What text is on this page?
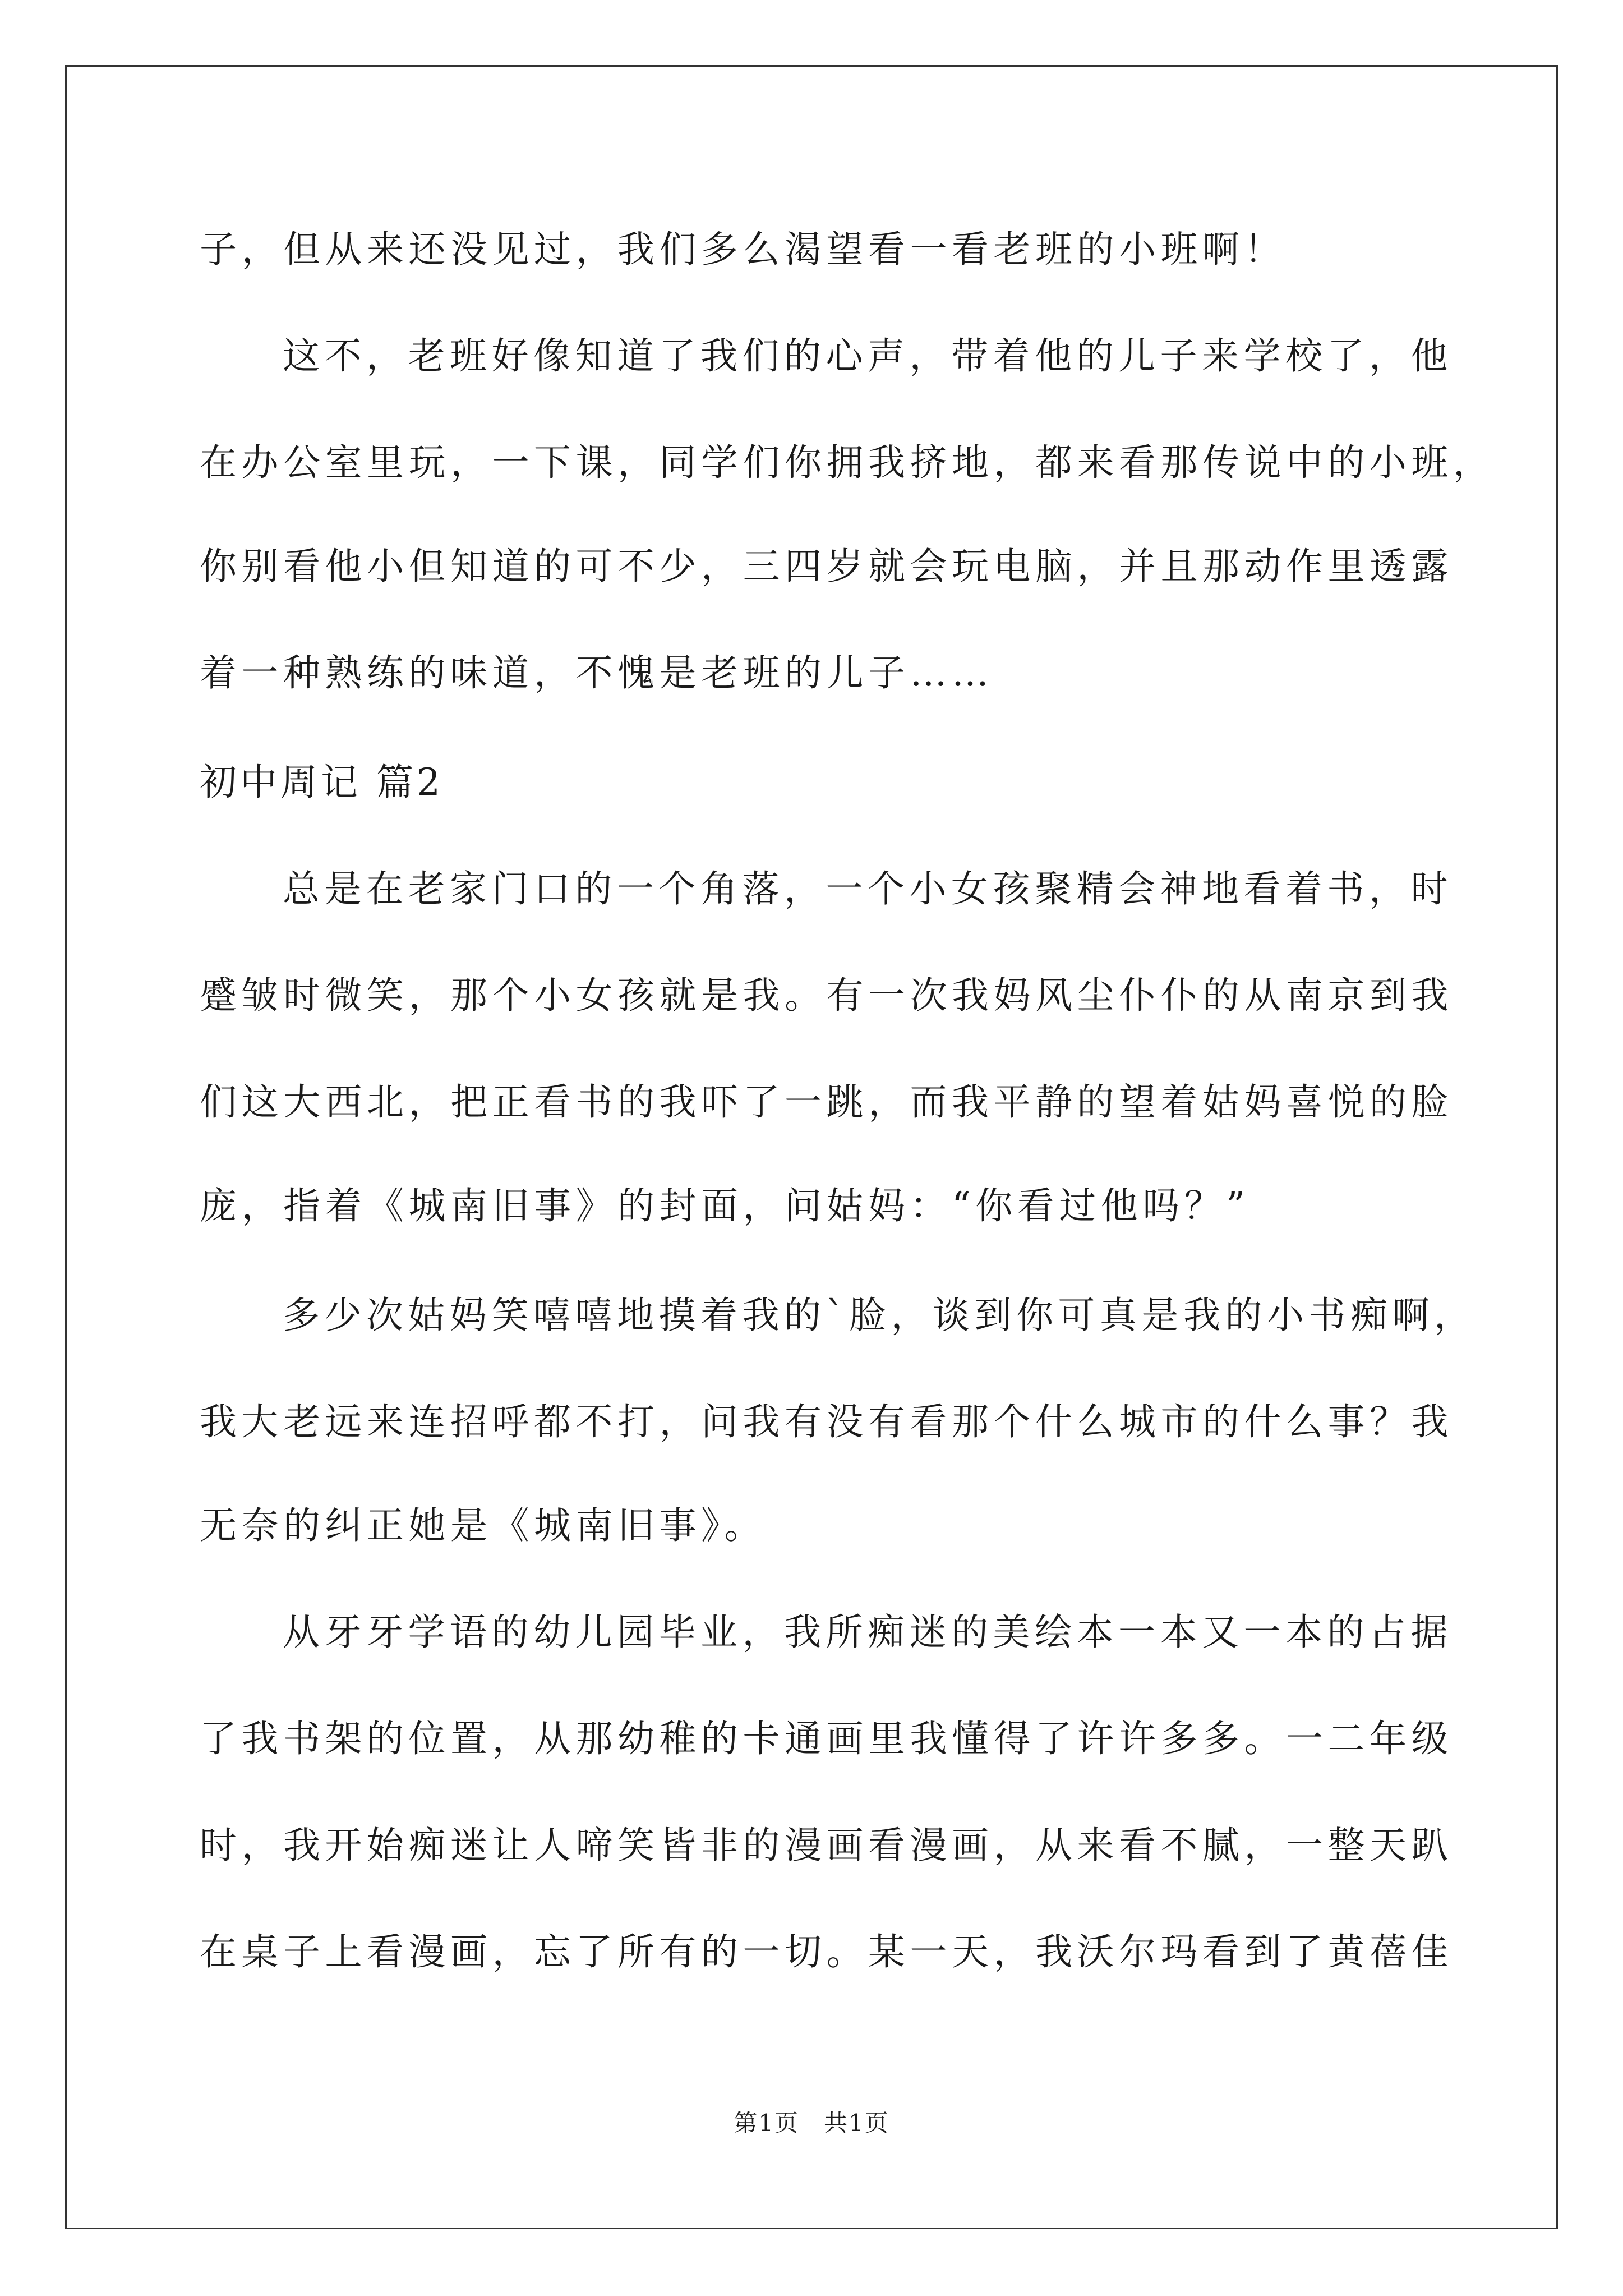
子，但从来还没见过，我们多么渴望看一看老班的小班啊！
这不，老班好像知道了我们的心声，带着他的儿子来学校了，他
在办公室里玩，一下课，同学们你拥我挤地，都来看那传说中的小班，
你别看他小但知道的可不少，三四岁就会玩电脑，并且那动作里透露
着一种熟练的味道，不愧是老班的儿子……
初中周记 篇2
总是在老家门口的一个角落，一个小女孩聚精会神地看着书，时
蹙皱时微笑，那个小女孩就是我。有一次我妈风尘仆仆的从南京到我
们这大西北，把正看书的我吓了一跳，而我平静的望着姑妈喜悦的脸
庞，指着《城南旧事》的封面，问姑妈：“你看过他吗？”
多少次姑妈笑嘻嘻地摸着我的`脸，谈到你可真是我的小书痴啊，
我大老远来连招呼都不打，问我有没有看那个什么城市的什么事？我
无奈的纠正她是《城南旧事》。
从牙牙学语的幼儿园毕业，我所痴迷的美绘本一本又一本的占据
了我书架的位置，从那幼稚的卡通画里我懂得了许许多多。一二年级
时，我开始痴迷让人啼笑皆非的漫画看漫画，从来看不腻，一整天趴
在桌子上看漫画，忘了所有的一切。某一天，我沃尔玛看到了黄蓓佳
第1页　共1页
